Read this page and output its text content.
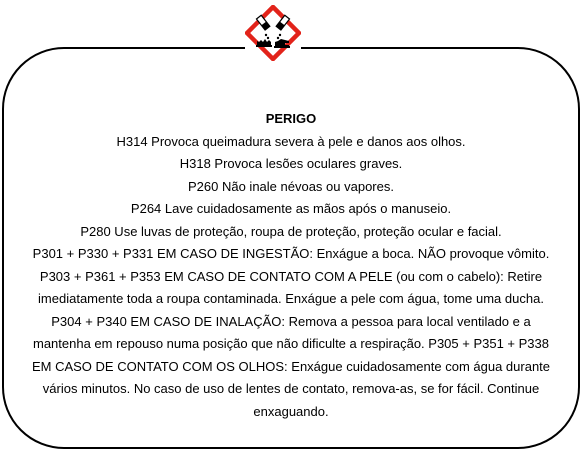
PERIGO
H314 Provoca queimadura severa à pele e danos aos olhos.
H318 Provoca lesões oculares graves.
P260 Não inale névoas ou vapores.
P264 Lave cuidadosamente as mãos após o manuseio.
P280 Use luvas de proteção, roupa de proteção, proteção ocular e facial.
P301 + P330 + P331 EM CASO DE INGESTÃO: Enxágue a boca. NÃO provoque vômito. P303 + P361 + P353 EM CASO DE CONTATO COM A PELE (ou com o cabelo): Retire imediatamente toda a roupa contaminada. Enxágue a pele com água, tome uma ducha. P304 + P340 EM CASO DE INALAÇÃO: Remova a pessoa para local ventilado e a mantenha em repouso numa posição que não dificulte a respiração. P305 + P351 + P338 EM CASO DE CONTATO COM OS OLHOS: Enxágue cuidadosamente com água durante vários minutos. No caso de uso de lentes de contato, remova-as, se for fácil. Continue enxaguando.
